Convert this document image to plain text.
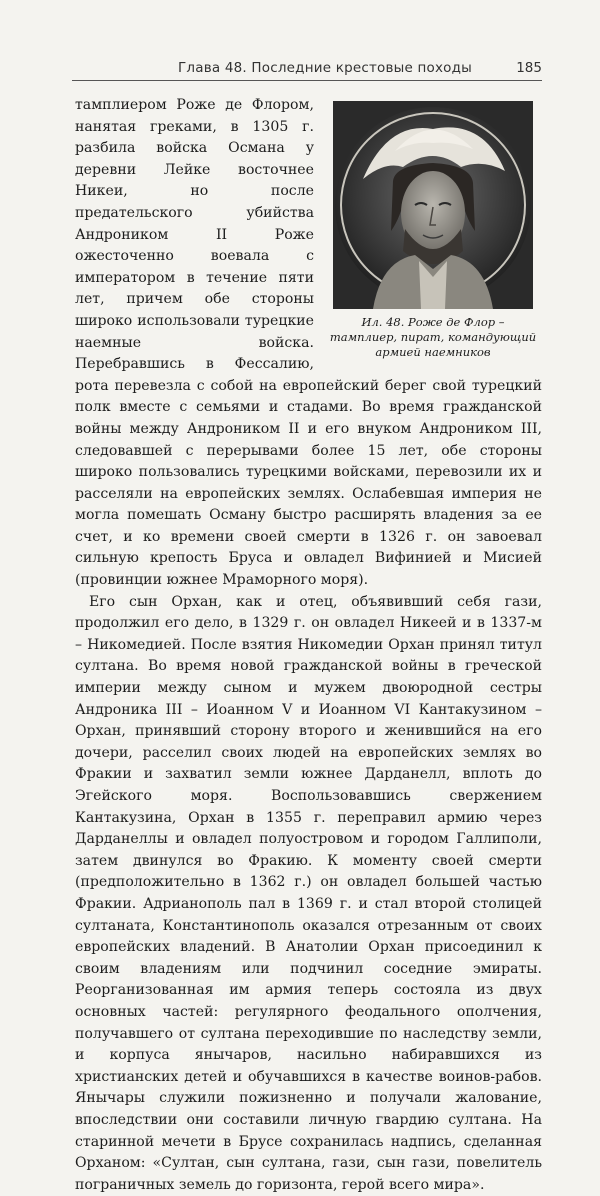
Глава 48. Последние крестовые походы	185
Ил. 48. Роже де Флор – тамплиер, пират, командующий армией наемников

тамплиером Роже де Флором, нанятая греками, в 1305 г. разбила войска Османа у деревни Лейке восточнее Никеи, но после предательского убийства Андроником II Роже ожесточенно воевала с императором в течение пяти лет, причем обе стороны широко использовали турецкие наемные войска. Перебравшись в Фессалию, рота перевезла с собой на европейский берег свой турецкий полк вместе с семьями и стадами. Во время гражданской войны между Андроником II и его внуком Андроником III, следовавшей с перерывами более 15 лет, обе стороны широко пользовались турецкими войсками, перевозили их и расселяли на европейских землях. Ослабевшая империя не могла помешать Осману быстро расширять владения за ее счет, и ко времени своей смерти в 1326 г. он завоевал сильную крепость Бруса и овладел Вифинией и Мисией (провинции южнее Мраморного моря).

Его сын Орхан, как и отец, объявивший себя гази, продолжил его дело, в 1329 г. он овладел Никеей и в 1337-м – Никомедией. После взятия Никомедии Орхан принял титул султана. Во время новой гражданской войны в греческой империи между сыном и мужем двоюродной сестры Андроника III – Иоанном V и Иоанном VI Кантакузином – Орхан, принявший сторону второго и женившийся на его дочери, расселил своих людей на европейских землях во Фракии и захватил земли южнее Дарданелл, вплоть до Эгейского моря. Воспользовавшись свержением Кантакузина, Орхан в 1355 г. переправил армию через Дарданеллы и овладел полуостровом и городом Галлиполи, затем двинулся во Фракию. К моменту своей смерти (предположительно в 1362 г.) он овладел большей частью Фракии. Адрианополь пал в 1369 г. и стал второй столицей султаната, Константинополь оказался отрезанным от своих европейских владений. В Анатолии Орхан присоединил к своим владениям или подчинил соседние эмираты. Реорганизованная им армия теперь состояла из двух основных частей: регулярного феодального ополчения, получавшего от султана переходившие по наследству земли, и корпуса янычаров, насильно набиравшихся из христианских детей и обучавшихся в качестве воинов-рабов. Янычары служили пожизненно и получали жалование, впоследствии они составили личную гвардию султана. На старинной мечети в Брусе сохранилась надпись, сделанная Орханом: «Султан, сын султана, гази, сын гази, повелитель пограничных земель до горизонта, герой всего мира».
